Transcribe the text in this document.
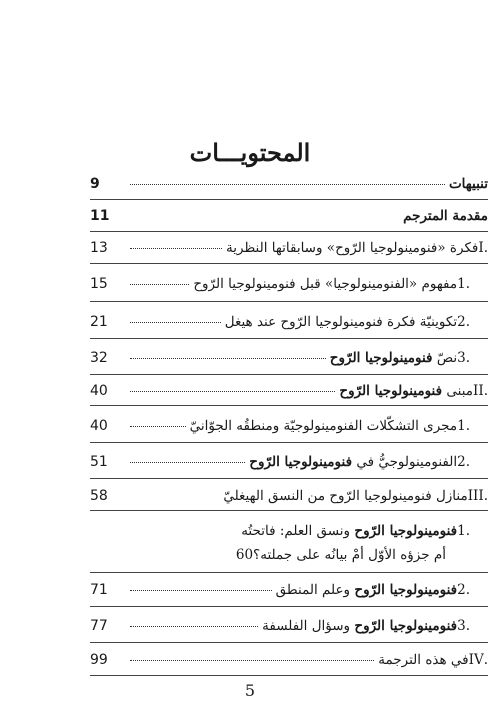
المحتويـــات
تنبيهات
9
مقدمة المترجم
11
.I
فكرة «فنومينولوجيا الرّوح» وسابقاتها النظرية
13
.1
مفهوم «الفنومينولوجيا» قبل فنومينولوجيا الرّوح
15
.2
تكوينيّة فكرة فنومينولوجيا الرّوح عند هيغل
21
.3
نصّ

فنومينولوجيا الرّوح
32
.II
مبنى

فنومينولوجيا الرّوح
40
.1
مجرى التشكّلات الفنومينولوجيّة ومنطقُه الجوّانيّ
40
.2
الفنومينولوجيُّ في

فنومينولوجيا الرّوح
51
.III
منازل فنومينولوجيا الرّوح من النسق الهيغليّ
58
.1
فنومينولوجيا الرّوح

ونسق العلم: فاتحتُه
أم جزؤه الأوّل أمْ بيانُه على جملته؟
60
.2
فنومينولوجيا الرّوح

وعلم المنطق
71
.3
فنومينولوجيا الرّوح

وسؤال الفلسفة
77
.IV
في هذه الترجمة
99
5
